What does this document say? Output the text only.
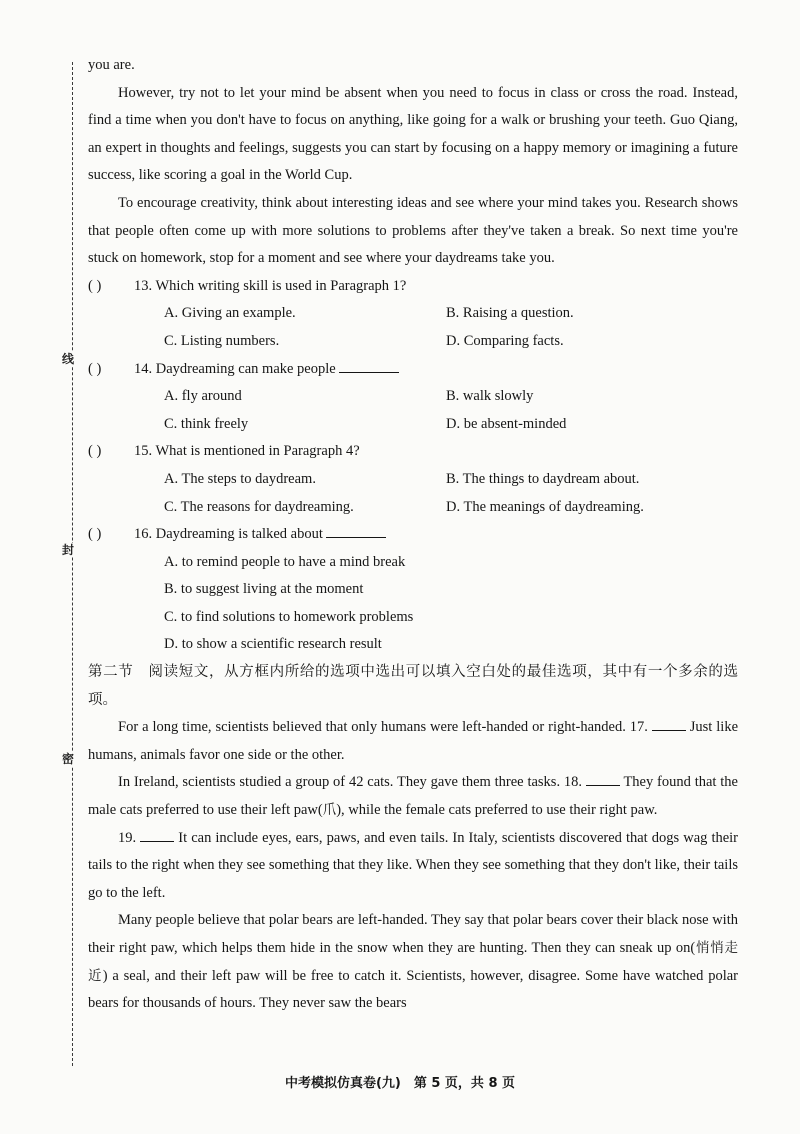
线
封
密

you are.

However, try not to let your mind be absent when you need to focus in class or cross the road. Instead, find a time when you don't have to focus on anything, like going for a walk or brushing your teeth. Guo Qiang, an expert in thoughts and feelings, suggests you can start by focusing on a happy memory or imagining a future success, like scoring a goal in the World Cup.

To encourage creativity, think about interesting ideas and see where your mind takes you. Research shows that people often come up with more solutions to problems after they've taken a break. So next time you're stuck on homework, stop for a moment and see where your daydreams take you.

( )	13. Which writing skill is used in Paragraph 1?
A. Giving an example.	B. Raising a question.
C. Listing numbers.	D. Comparing facts.
( )	14. Daydreaming can make people
A. fly around	B. walk slowly
C. think freely	D. be absent-minded
( )	15. What is mentioned in Paragraph 4?
A. The steps to daydream.	B. The things to daydream about.
C. The reasons for daydreaming.	D. The meanings of daydreaming.
( )	16. Daydreaming is talked about
A. to remind people to have a mind break
B. to suggest living at the moment
C. to find solutions to homework problems
D. to show a scientific research result

第二节　阅读短文，从方框内所给的选项中选出可以填入空白处的最佳选项，其中有一个多余的选项。

For a long time, scientists believed that only humans were left-handed or right-handed. 17.	Just like humans, animals favor one side or the other.

In Ireland, scientists studied a group of 42 cats. They gave them three tasks. 18.	They found that the male cats preferred to use their left paw(爪), while the female cats preferred to use their right paw.

19.	It can include eyes, ears, paws, and even tails. In Italy, scientists discovered that dogs wag their tails to the right when they see something that they like. When they see something that they don't like, their tails go to the left.

Many people believe that polar bears are left-handed. They say that polar bears cover their black nose with their right paw, which helps them hide in the snow when they are hunting. Then they can sneak up on(悄悄走近) a seal, and their left paw will be free to catch it. Scientists, however, disagree. Some have watched polar bears for thousands of hours. They never saw the bears

中考模拟仿真卷(九)　第 5 页，共 8 页
